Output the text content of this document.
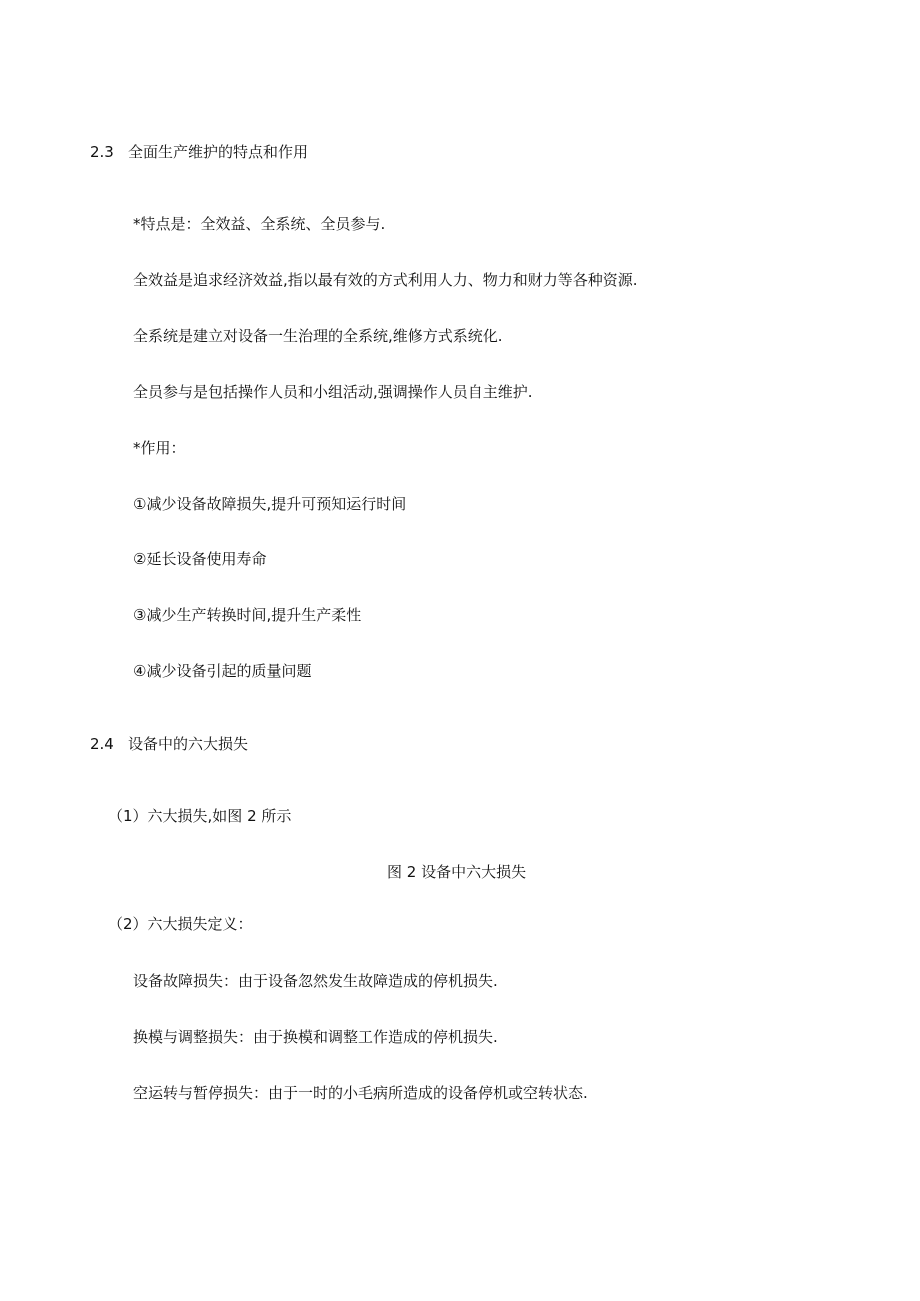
2.3 全面生产维护的特点和作用
*特点是：全效益、全系统、全员参与.
全效益是追求经济效益,指以最有效的方式利用人力、物力和财力等各种资源.
全系统是建立对设备一生治理的全系统,维修方式系统化.
全员参与是包括操作人员和小组活动,强调操作人员自主维护.
*作用：
①减少设备故障损失,提升可预知运行时间
②延长设备使用寿命
③减少生产转换时间,提升生产柔性
④减少设备引起的质量问题
2.4 设备中的六大损失
（1）六大损失,如图 2 所示
图 2 设备中六大损失
（2）六大损失定义：
设备故障损失：由于设备忽然发生故障造成的停机损失.
换模与调整损失：由于换模和调整工作造成的停机损失.
空运转与暂停损失：由于一时的小毛病所造成的设备停机或空转状态.
